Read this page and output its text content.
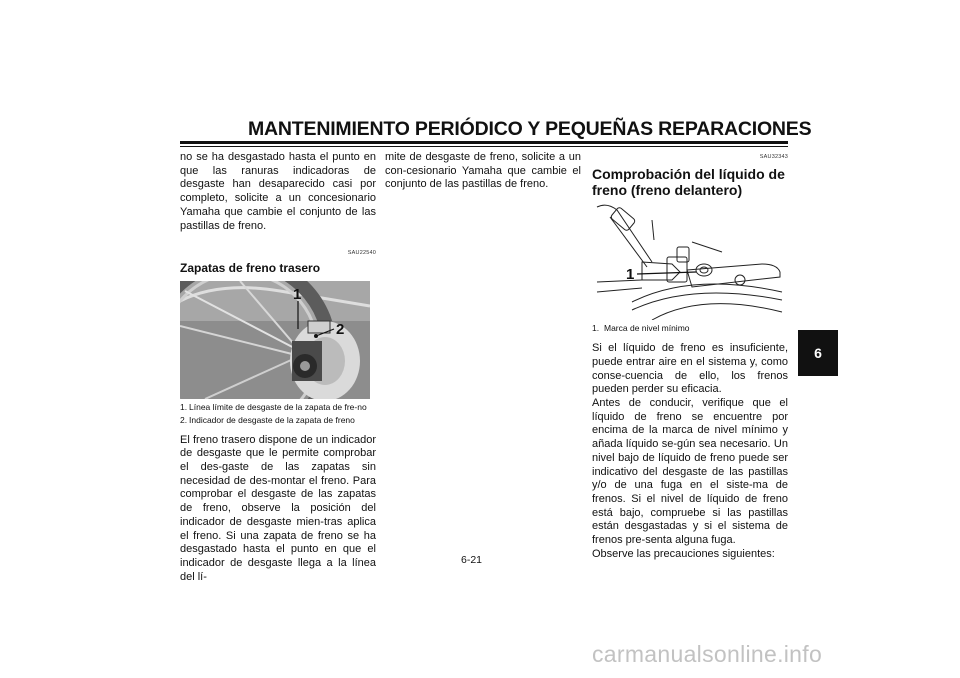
MANTENIMIENTO PERIÓDICO Y PEQUEÑAS REPARACIONES
6

no se ha desgastado hasta el punto en que las ranuras indicadoras de desgaste han desaparecido casi por completo, solicite a un concesionario Yamaha que cambie el conjunto de las pastillas de freno.

SAU22540
Zapatas de freno trasero
1
2
1. Línea límite de desgaste de la zapata de fre-no
2. Indicador de desgaste de la zapata de freno

El freno trasero dispone de un indicador de desgaste que le permite comprobar el des-gaste de las zapatas sin necesidad de des-montar el freno. Para comprobar el desgaste de las zapatas de freno, observe la posición del indicador de desgaste mien-tras aplica el freno. Si una zapata de freno se ha desgastado hasta el punto en que el indicador de desgaste llega a la línea del lí-

mite de desgaste de freno, solicite a un con-cesionario Yamaha que cambie el conjunto de las pastillas de freno.

SAU32343
Comprobación del líquido de freno (freno delantero)
1
1. Marca de nivel mínimo

Si el líquido de freno es insuficiente, puede entrar aire en el sistema y, como conse-cuencia de ello, los frenos pueden perder su eficacia.

Antes de conducir, verifique que el líquido de freno se encuentre por encima de la marca de nivel mínimo y añada líquido se-gún sea necesario. Un nivel bajo de líquido de freno puede ser indicativo del desgaste de las pastillas y/o de una fuga en el siste-ma de frenos. Si el nivel de líquido de freno está bajo, compruebe si las pastillas están desgastadas y si el sistema de frenos pre-senta alguna fuga.

Observe las precauciones siguientes:

6-21
carmanualsonline.info
